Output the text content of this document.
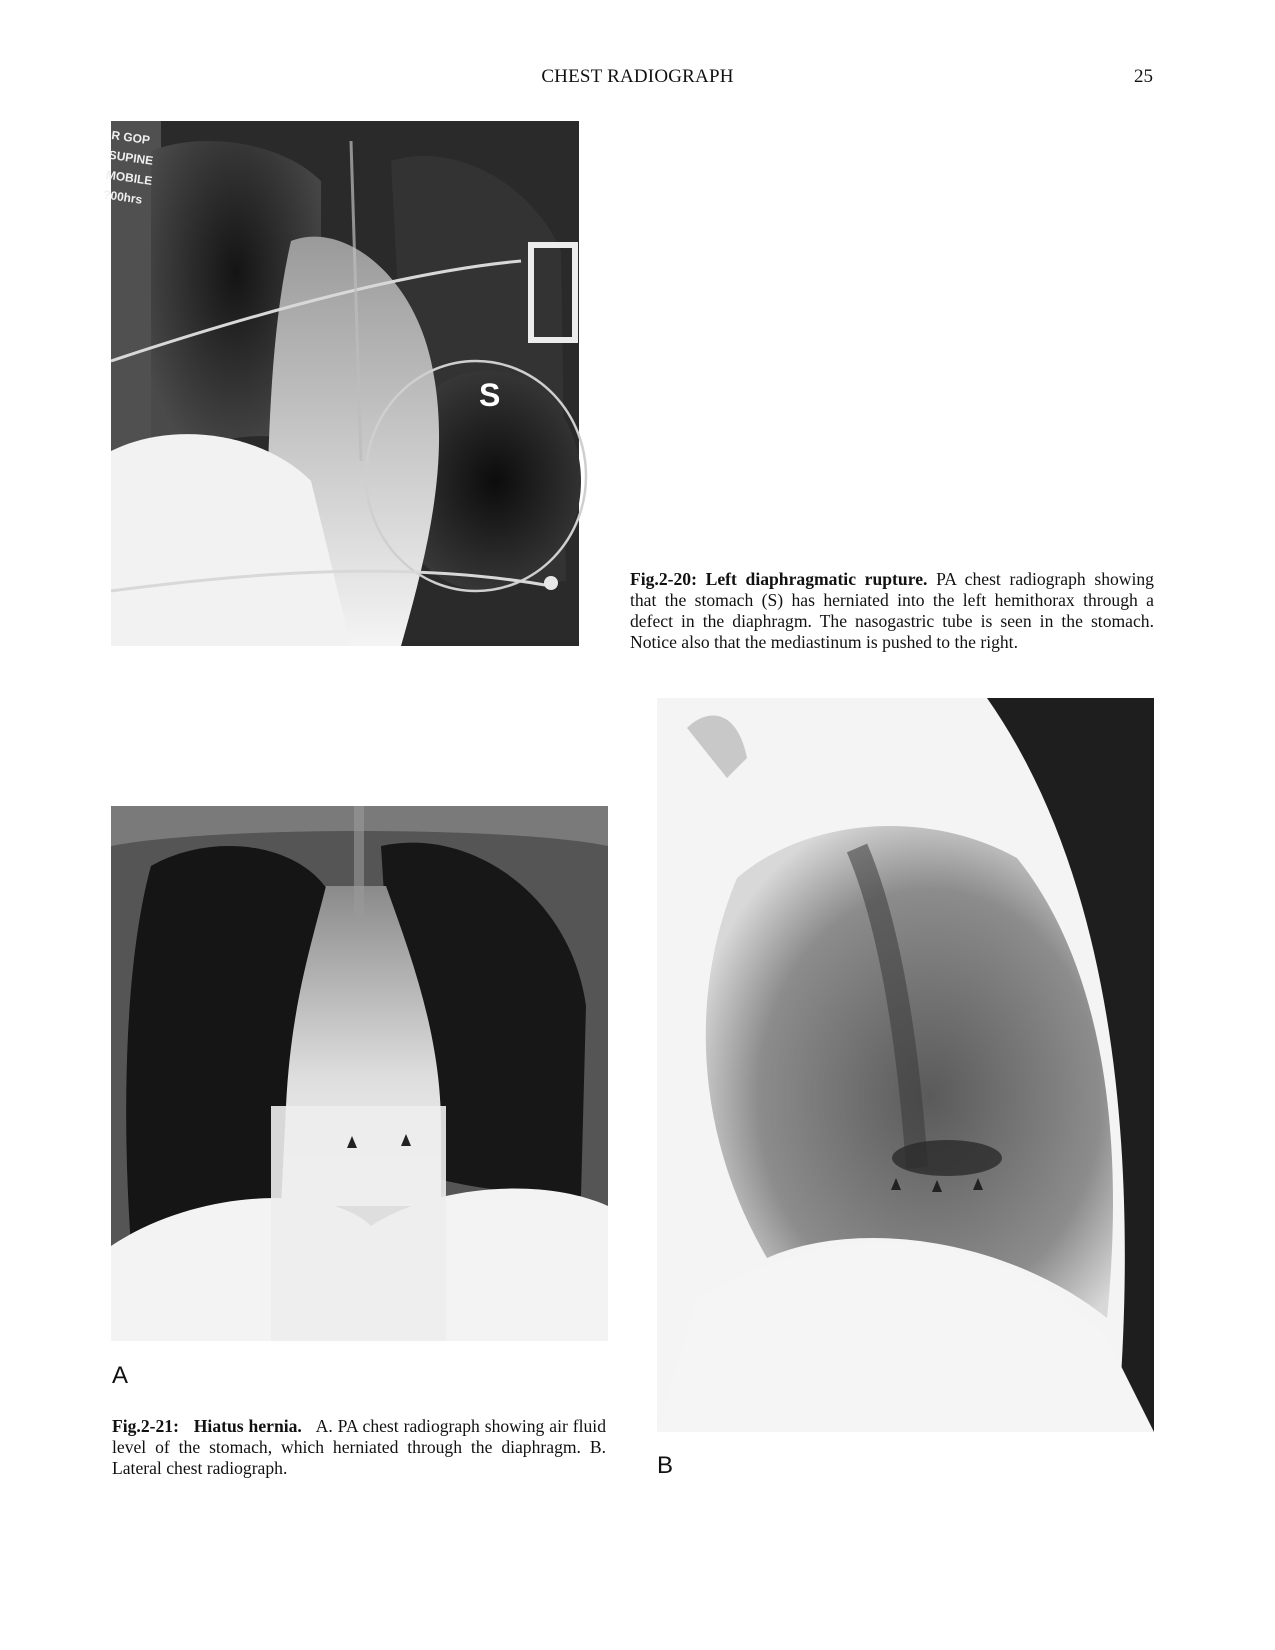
CHEST RADIOGRAPH	25
R GOP
SUPINE
MOBILE
?00hrs
S
Fig.2-20: Left diaphragmatic rupture. PA chest radiograph showing that the stomach (S) has herniated into the left hemithorax through a defect in the diaphragm. The nasogastric tube is seen in the stomach. Notice also that the mediastinum is pushed to the right.
A
Fig.2-21: Hiatus hernia. A. PA chest radiograph showing air fluid level of the stomach, which herniated through the diaphragm. B. Lateral chest radiograph.	B
